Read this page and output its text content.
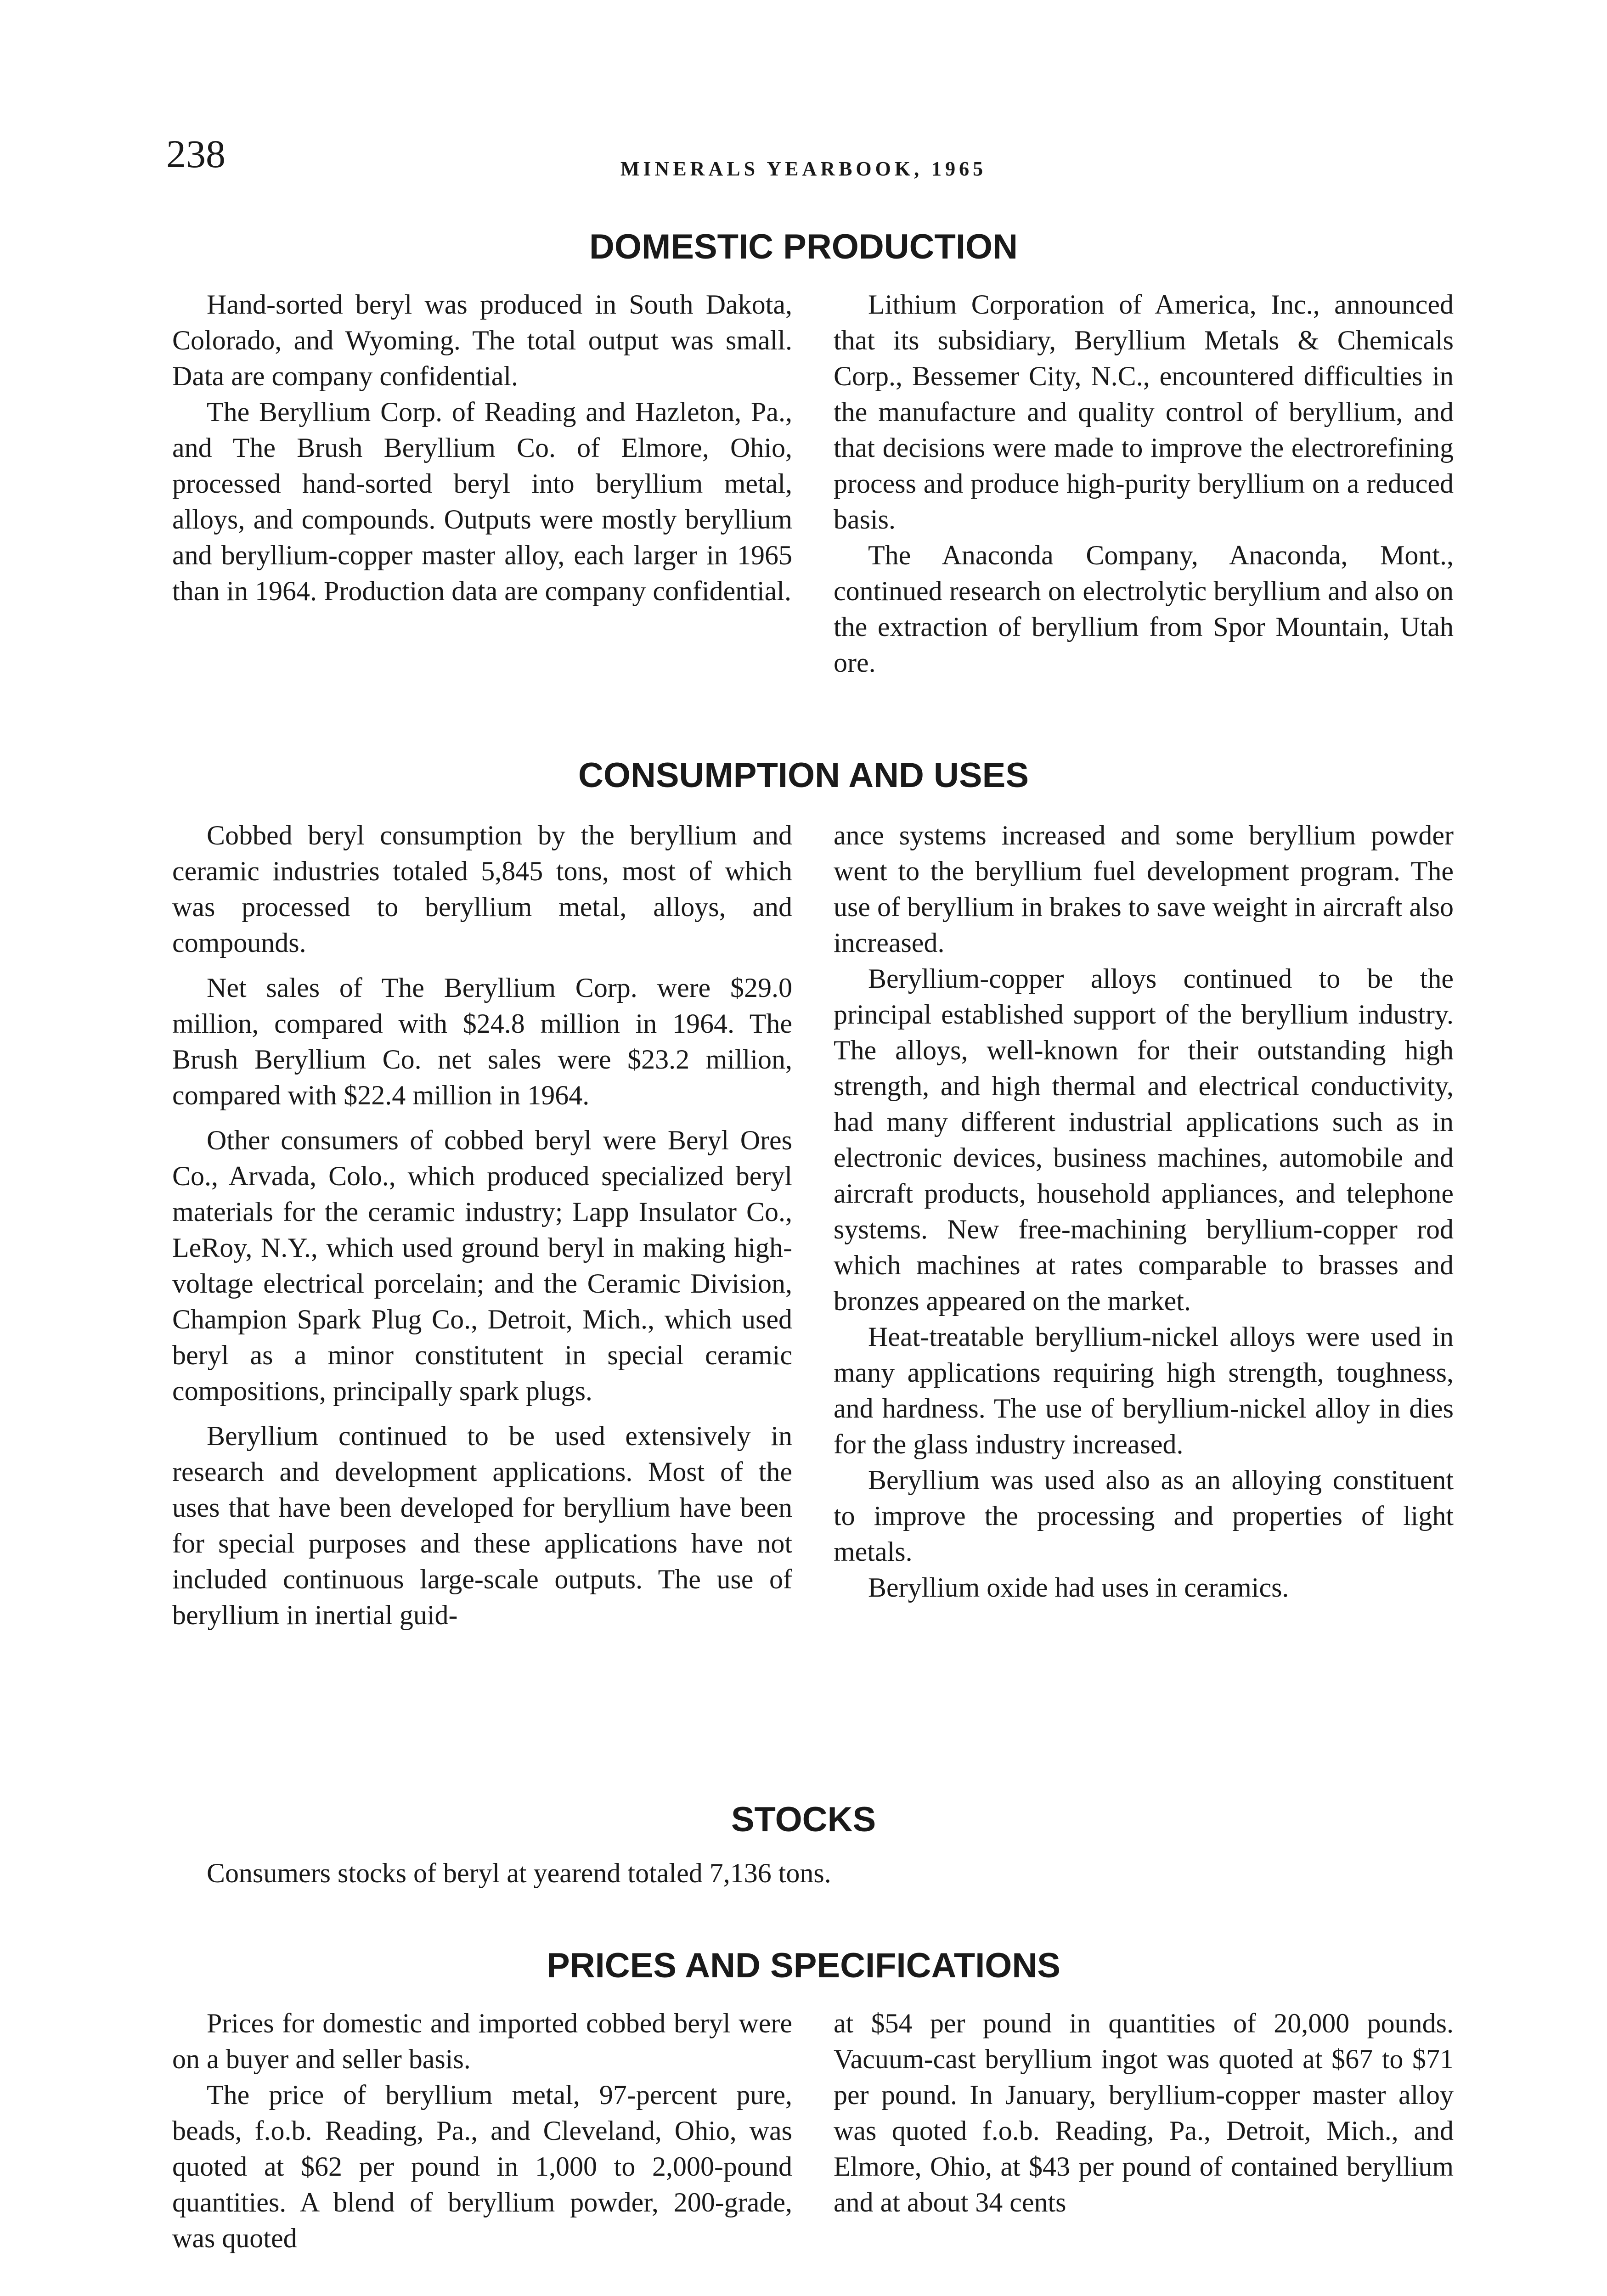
238	MINERALS YEARBOOK, 1965
DOMESTIC PRODUCTION

Hand-sorted beryl was produced in South Dakota, Colorado, and Wyoming. The total output was small. Data are company confidential.

The Beryllium Corp. of Reading and Hazleton, Pa., and The Brush Beryllium Co. of Elmore, Ohio, processed hand-sorted beryl into beryllium metal, alloys, and compounds. Outputs were mostly beryllium and beryllium-copper master alloy, each larger in 1965 than in 1964. Production data are company confidential.

Lithium Corporation of America, Inc., announced that its subsidiary, Beryllium Metals & Chemicals Corp., Bessemer City, N.C., encountered difficulties in the manufacture and quality control of beryllium, and that decisions were made to improve the electrorefining process and produce high-purity beryllium on a reduced basis.

The Anaconda Company, Anaconda, Mont., continued research on electrolytic beryllium and also on the extraction of beryllium from Spor Mountain, Utah ore.

CONSUMPTION AND USES

Cobbed beryl consumption by the beryllium and ceramic industries totaled 5,845 tons, most of which was processed to beryllium metal, alloys, and compounds.

Net sales of The Beryllium Corp. were $29.0 million, compared with $24.8 million in 1964. The Brush Beryllium Co. net sales were $23.2 million, compared with $22.4 million in 1964.

Other consumers of cobbed beryl were Beryl Ores Co., Arvada, Colo., which produced specialized beryl materials for the ceramic industry; Lapp Insulator Co., LeRoy, N.Y., which used ground beryl in making high-voltage electrical porcelain; and the Ceramic Division, Champion Spark Plug Co., Detroit, Mich., which used beryl as a minor constitutent in special ceramic compositions, principally spark plugs.

Beryllium continued to be used extensively in research and development applications. Most of the uses that have been developed for beryllium have been for special purposes and these applications have not included continuous large-scale outputs. The use of beryllium in inertial guid-

ance systems increased and some beryllium powder went to the beryllium fuel development program. The use of beryllium in brakes to save weight in aircraft also increased.

Beryllium-copper alloys continued to be the principal established support of the beryllium industry. The alloys, well-known for their outstanding high strength, and high thermal and electrical conductivity, had many different industrial applications such as in electronic devices, business machines, automobile and aircraft products, household appliances, and telephone systems. New free-machining beryllium-copper rod which machines at rates comparable to brasses and bronzes appeared on the market.

Heat-treatable beryllium-nickel alloys were used in many applications requiring high strength, toughness, and hardness. The use of beryllium-nickel alloy in dies for the glass industry increased.

Beryllium was used also as an alloying constituent to improve the processing and properties of light metals.

Beryllium oxide had uses in ceramics.

STOCKS

Consumers stocks of beryl at yearend totaled 7,136 tons.

PRICES AND SPECIFICATIONS

Prices for domestic and imported cobbed beryl were on a buyer and seller basis.

The price of beryllium metal, 97-percent pure, beads, f.o.b. Reading, Pa., and Cleveland, Ohio, was quoted at $62 per pound in 1,000 to 2,000-pound quantities. A blend of beryllium powder, 200-grade, was quoted

at $54 per pound in quantities of 20,000 pounds. Vacuum-cast beryllium ingot was quoted at $67 to $71 per pound. In January, beryllium-copper master alloy was quoted f.o.b. Reading, Pa., Detroit, Mich., and Elmore, Ohio, at $43 per pound of contained beryllium and at about 34 cents
